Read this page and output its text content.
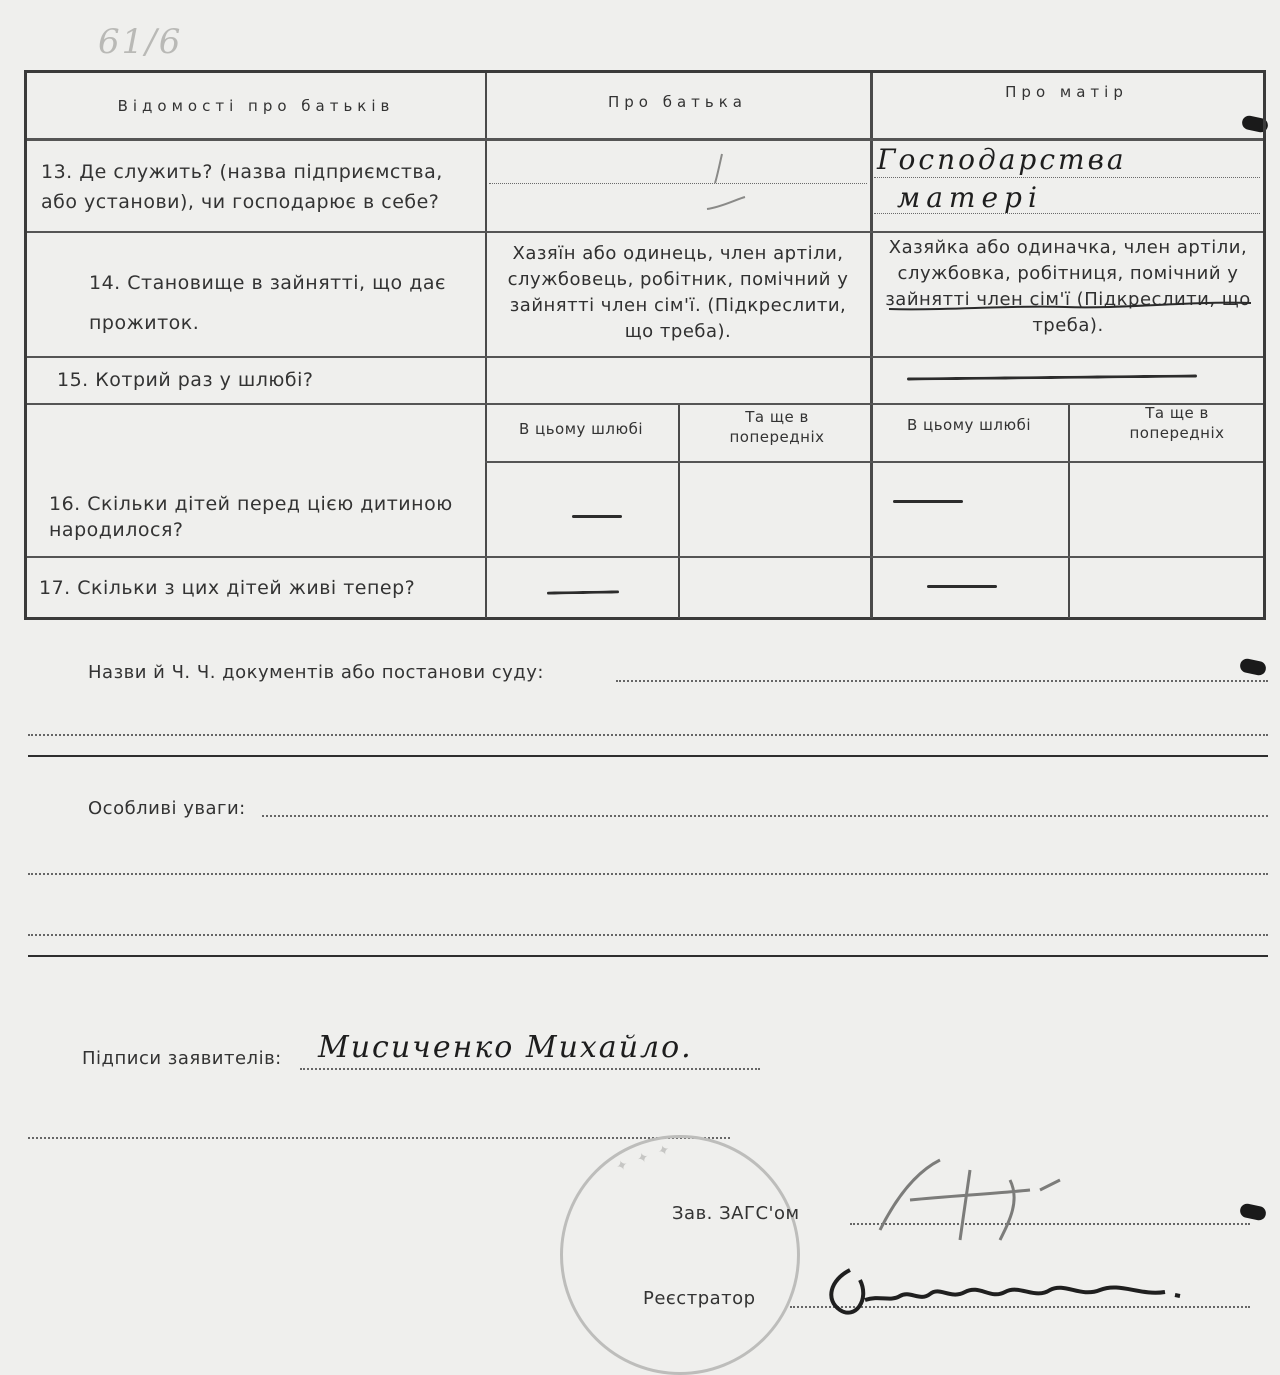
61/6
Відомості про батьків	Про батька
Про матір
13. Де служить? (назва підприємства, або установи), чи господарює в себе?
Господарства
матері
14. Становище в зайнятті, що дає прожиток.
Хазяїн або одинець, член артіли, службовець, робітник, помічний у зайнятті член сім'ї. (Підкреслити, що треба).
Хазяйка або одиначка, член артіли, службовка, робітниця, помічний у зайнятті член сім'ї (Підкреслити, що треба).
15. Котрий раз у шлюбі?
В цьому шлюбі
Та ще в попередніх
В цьому шлюбі
Та ще в попередніх
16. Скільки дітей перед цією дитиною народилося?
17. Скільки з цих дітей живі тепер?
Назви й Ч. Ч. документів або постанови суду:
Особливі уваги:
Підписи заявителів: Мисиченко Михайло.
✦ ✦ ✦
Зав. ЗАГС'ом
Реєстратор
